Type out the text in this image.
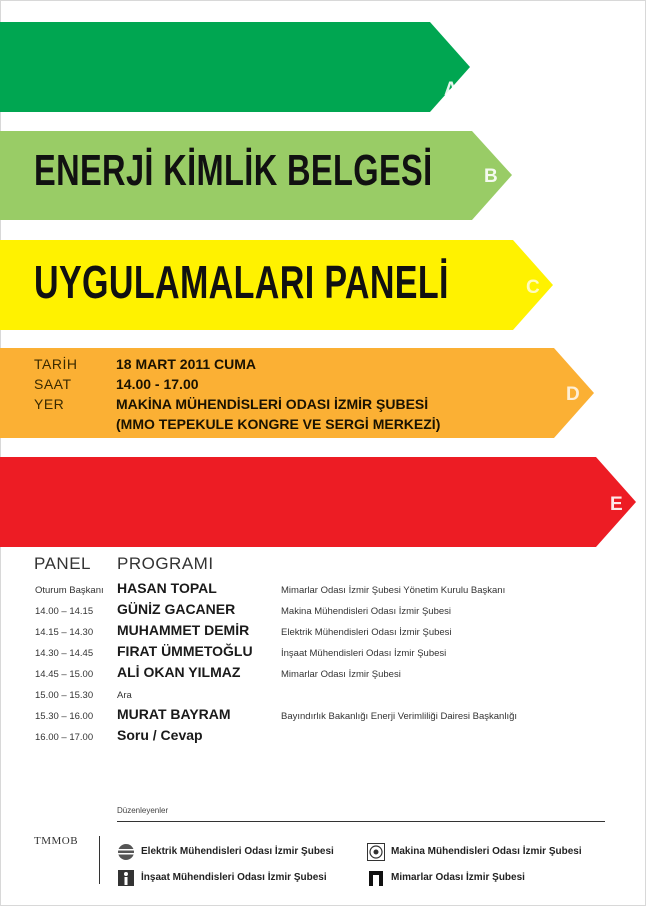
A
B
C
D
E
ENERJİ KİMLİK BELGESİ
UYGULAMALARI PANELİ
TARİH	18 MART 2011 CUMA
SAAT	14.00 - 17.00
YER	MAKİNA MÜHENDİSLERİ ODASI İZMİR ŞUBESİ
(MMO TEPEKULE KONGRE VE SERGİ MERKEZİ)
PANEL PROGRAMI
Oturum Başkanı HASAN TOPAL	Mimarlar Odası İzmir Şubesi Yönetim Kurulu Başkanı
14.00 – 14.15 GÜNİZ GACANER	Makina Mühendisleri Odası İzmir Şubesi
14.15 – 14.30 MUHAMMET DEMİR	Elektrik Mühendisleri Odası İzmir Şubesi
14.30 – 14.45 FIRAT ÜMMETOĞLU	İnşaat Mühendisleri Odası İzmir Şubesi
14.45 – 15.00 ALİ OKAN YILMAZ	Mimarlar Odası İzmir Şubesi
15.00 – 15.30	Ara
15.30 – 16.00 MURAT BAYRAM	Bayındırlık Bakanlığı Enerji Verimliliği Dairesi Başkanlığı
16.00 – 17.00 Soru / Cevap
Düzenleyenler
TMMOB
Elektrik Mühendisleri Odası İzmir Şubesi	Makina Mühendisleri Odası İzmir Şubesi
İnşaat Mühendisleri Odası İzmir Şubesi	Mimarlar Odası İzmir Şubesi
